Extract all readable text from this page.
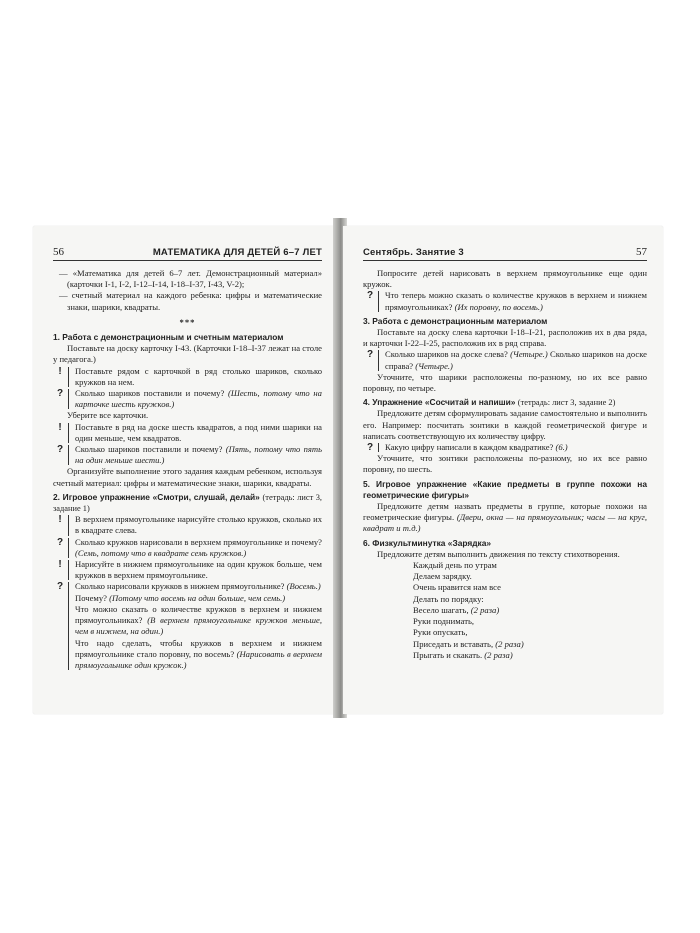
56	МАТЕМАТИКА ДЛЯ ДЕТЕЙ 6–7 ЛЕТ

— «Математика для детей 6–7 лет. Демонстрационный материал» (карточки I-1, I-2, I-12–I-14, I-18–I-37, I-43, V-2);

— счетный материал на каждого ребенка: цифры и математические знаки, шарики, квадраты.

***

1. Работа с демонстрационным и счетным материалом

Поставьте на доску карточку I-43. (Карточки I-18–I-37 лежат на столе у педагога.)

!	Поставьте рядом с карточкой в ряд столько шариков, сколько кружков на нем.

? Сколько шариков поставили и почему? (Шесть, потому что на карточке шесть кружков.)

Уберите все карточки.

!	Поставьте в ряд на доске шесть квадратов, а под ними шарики на один меньше, чем квадратов.

? Сколько шариков поставили и почему? (Пять, потому что пять на один меньше шести.)

Организуйте выполнение этого задания каждым ребенком, используя счетный материал: цифры и математические знаки, шарики, квадраты.

2. Игровое упражнение «Смотри, слушай, делай» (тетрадь: лист 3, задание 1)

!	В верхнем прямоугольнике нарисуйте столько кружков, сколько их в квадрате слева.

? Сколько кружков нарисовали в верхнем прямоугольнике и почему? (Семь, потому что в квадрате семь кружков.)

!	Нарисуйте в нижнем прямоугольнике на один кружок больше, чем кружков в верхнем прямоугольнике.

? Сколько нарисовали кружков в нижнем прямоугольнике? (Восемь.)

Почему? (Потому что восемь на один больше, чем семь.)

Что можно сказать о количестве кружков в верхнем и нижнем прямоугольниках? (В верхнем прямоугольнике кружков меньше, чем в нижнем, на один.)

Что надо сделать, чтобы кружков в верхнем и нижнем прямоугольнике стало поровну, по восемь? (Нарисовать в верхнем прямоугольнике один кружок.)

Сентябрь. Занятие 3	57

Попросите детей нарисовать в верхнем прямоугольнике еще один кружок.

? Что теперь можно сказать о количестве кружков в верхнем и нижнем прямоугольниках? (Их поровну, по восемь.)

3. Работа с демонстрационным материалом

Поставьте на доску слева карточки I-18–I-21, расположив их в два ряда, и карточки I-22–I-25, расположив их в ряд справа.

? Сколько шариков на доске слева? (Четыре.) Сколько шариков на доске справа? (Четыре.)

Уточните, что шарики расположены по-разному, но их все равно поровну, по четыре.

4. Упражнение «Сосчитай и напиши» (тетрадь: лист 3, задание 2)

Предложите детям сформулировать задание самостоятельно и выполнить его. Например: посчитать зонтики в каждой геометрической фигуре и написать соответствующую их количеству цифру.

? Какую цифру написали в каждом квадратике? (6.)

Уточните, что зонтики расположены по-разному, но их все равно поровну, по шесть.

5. Игровое упражнение «Какие предметы в группе похожи на геометрические фигуры»

Предложите детям назвать предметы в группе, которые похожи на геометрические фигуры. (Двери, окна — на прямоугольник; часы — на круг, квадрат и т.д.)

6. Физкультминутка «Зарядка»

Предложите детям выполнить движения по тексту стихотворения.

Каждый день по утрам

Делаем зарядку.

Очень нравится нам все

Делать по порядку:

Весело шагать, (2 раза)

Руки поднимать,

Руки опускать,

Приседать и вставать, (2 раза)

Прыгать и скакать. (2 раза)
